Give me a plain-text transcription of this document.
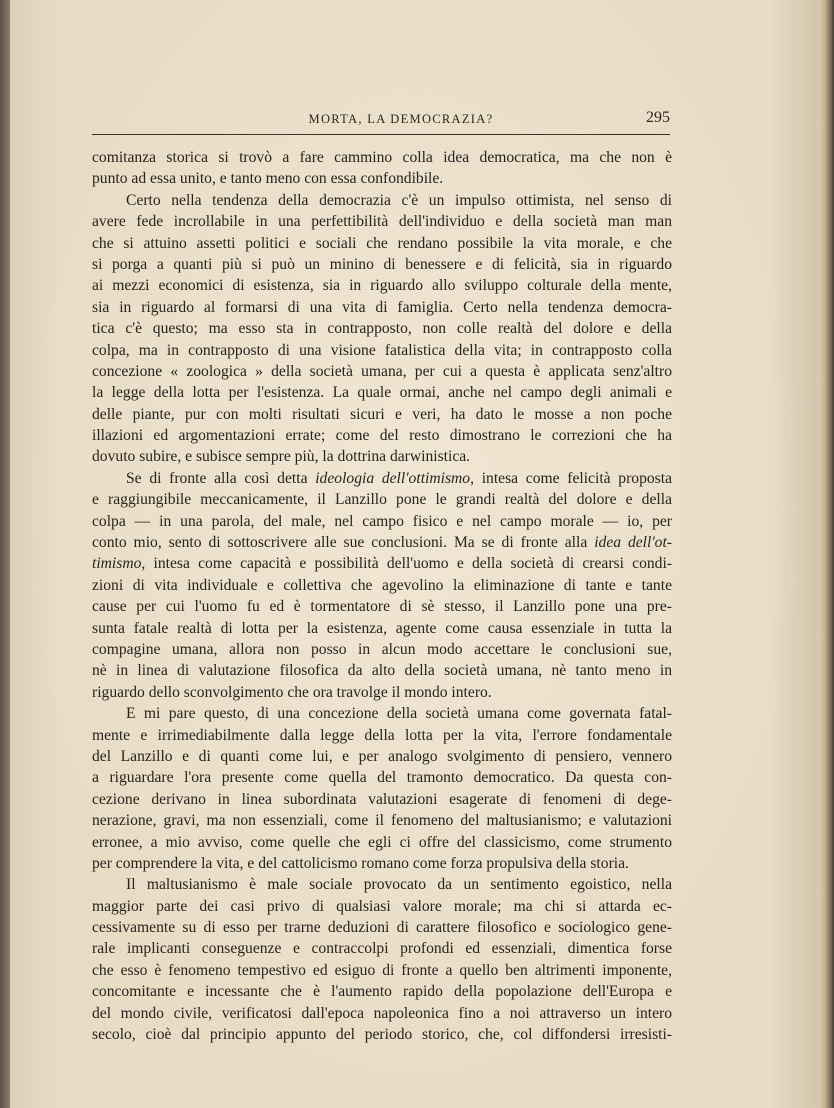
MORTA, LA DEMOCRAZIA?	295
comitanza storica si trovò a fare cammino colla idea democratica, ma che non è
punto ad essa unito, e tanto meno con essa confondibile.
Certo nella tendenza della democrazia c'è un impulso ottimista, nel senso di
avere fede incrollabile in una perfettibilità dell'individuo e della società man man
che si attuino assetti politici e sociali che rendano possibile la vita morale, e che
si porga a quanti più si può un minino di benessere e di felicità, sia in riguardo
ai mezzi economici di esistenza, sia in riguardo allo sviluppo colturale della mente,
sia in riguardo al formarsi di una vita di famiglia. Certo nella tendenza democra-
tica c'è questo; ma esso sta in contrapposto, non colle realtà del dolore e della
colpa, ma in contrapposto di una visione fatalistica della vita; in contrapposto colla
concezione « zoologica » della società umana, per cui a questa è applicata senz'altro
la legge della lotta per l'esistenza. La quale ormai, anche nel campo degli animali e
delle piante, pur con molti risultati sicuri e veri, ha dato le mosse a non poche
illazioni ed argomentazioni errate; come del resto dimostrano le correzioni che ha
dovuto subire, e subisce sempre più, la dottrina darwinistica.
Se di fronte alla così detta ideologia dell'ottimismo, intesa come felicità proposta
e raggiungibile meccanicamente, il Lanzillo pone le grandi realtà del dolore e della
colpa — in una parola, del male, nel campo fisico e nel campo morale — io, per
conto mio, sento di sottoscrivere alle sue conclusioni. Ma se di fronte alla idea dell'ot-
timismo, intesa come capacità e possibilità dell'uomo e della società di crearsi condi-
zioni di vita individuale e collettiva che agevolino la eliminazione di tante e tante
cause per cui l'uomo fu ed è tormentatore di sè stesso, il Lanzillo pone una pre-
sunta fatale realtà di lotta per la esistenza, agente come causa essenziale in tutta la
compagine umana, allora non posso in alcun modo accettare le conclusioni sue,
nè in linea di valutazione filosofica da alto della società umana, nè tanto meno in
riguardo dello sconvolgimento che ora travolge il mondo intero.
E mi pare questo, di una concezione della società umana come governata fatal-
mente e irrimediabilmente dalla legge della lotta per la vita, l'errore fondamentale
del Lanzillo e di quanti come lui, e per analogo svolgimento di pensiero, vennero
a riguardare l'ora presente come quella del tramonto democratico. Da questa con-
cezione derivano in linea subordinata valutazioni esagerate di fenomeni di dege-
nerazione, gravi, ma non essenziali, come il fenomeno del maltusianismo; e valutazioni
erronee, a mio avviso, come quelle che egli ci offre del classicismo, come strumento
per comprendere la vita, e del cattolicismo romano come forza propulsiva della storia.
Il maltusianismo è male sociale provocato da un sentimento egoistico, nella
maggior parte dei casi privo di qualsiasi valore morale; ma chi si attarda ec-
cessivamente su di esso per trarne deduzioni di carattere filosofico e sociologico gene-
rale implicanti conseguenze e contraccolpi profondi ed essenziali, dimentica forse
che esso è fenomeno tempestivo ed esiguo di fronte a quello ben altrimenti imponente,
concomitante e incessante che è l'aumento rapido della popolazione dell'Europa e
del mondo civile, verificatosi dall'epoca napoleonica fino a noi attraverso un intero
secolo, cioè dal principio appunto del periodo storico, che, col diffondersi irresisti-
